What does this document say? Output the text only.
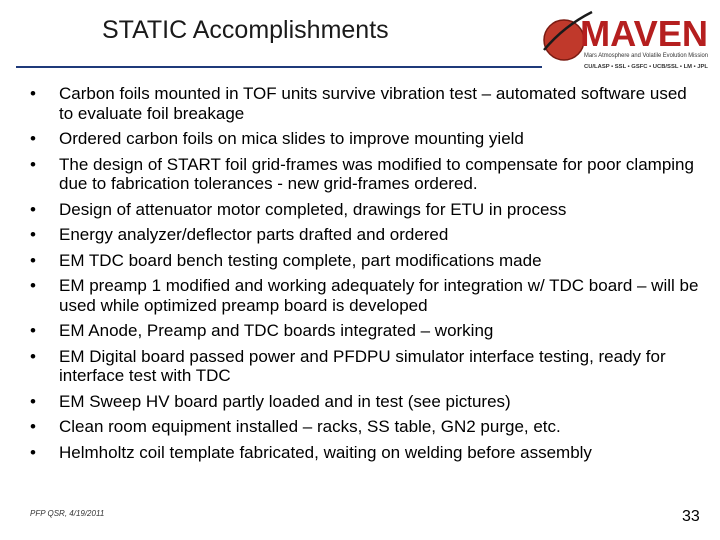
STATIC Accomplishments	MAVEN
Mars Atmosphere and Volatile Evolution Mission
CU/LASP • SSL • GSFC • UCB/SSL • LM • JPL
• Carbon foils mounted in TOF units survive vibration test – automated software used to evaluate foil breakage
• Ordered carbon foils on mica slides to improve mounting yield
• The design of START foil grid-frames was modified to compensate for poor clamping due to fabrication tolerances - new grid-frames ordered.
• Design of attenuator motor completed, drawings for ETU in process
• Energy analyzer/deflector parts drafted and ordered
• EM TDC board bench testing complete, part modifications made
• EM preamp 1 modified and working adequately for integration w/ TDC board – will be used while optimized preamp board is developed
• EM Anode, Preamp and TDC boards integrated – working
• EM Digital board passed power and PFDPU simulator interface testing, ready for interface test with TDC
• EM Sweep HV board partly loaded and in test (see pictures)
• Clean room equipment installed – racks, SS table, GN2 purge, etc.
• Helmholtz coil template fabricated, waiting on welding before assembly
PFP QSR, 4/19/2011	33
